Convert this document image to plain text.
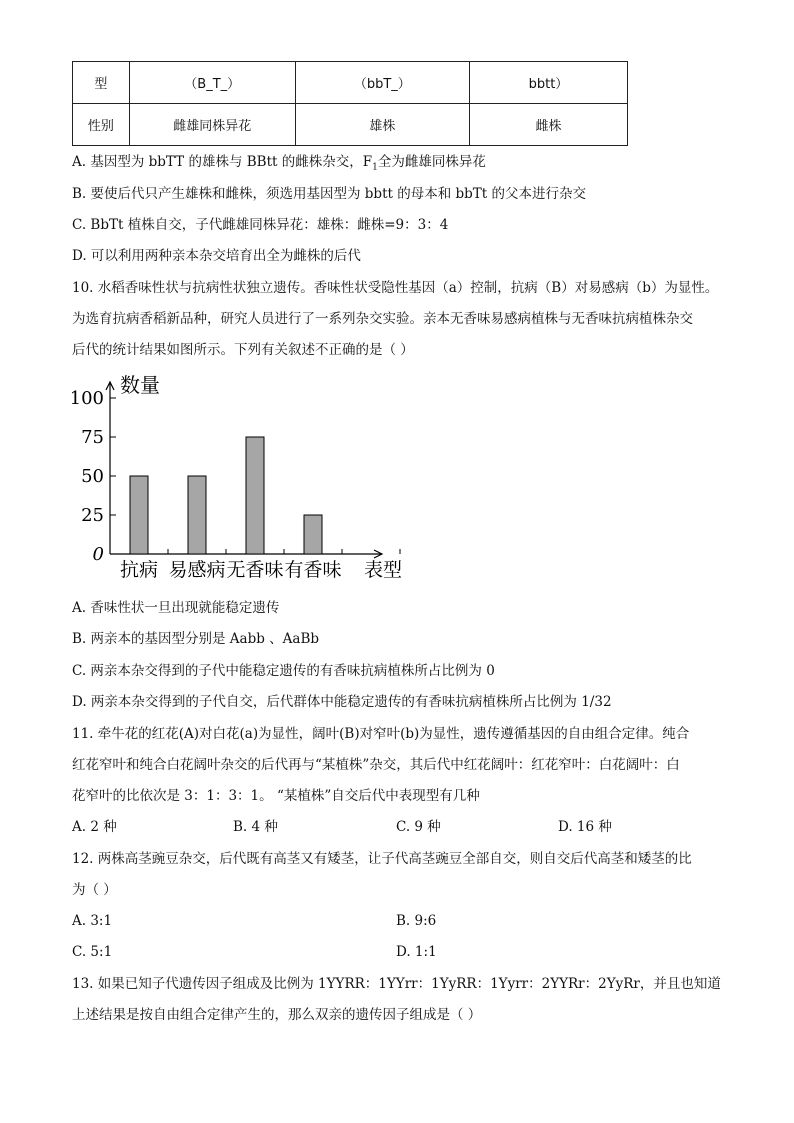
型	（B_T_）	（bbT_）	bbtt）
性别	雌雄同株异花	雄株	雌株
A. 基因型为 bbTT 的雄株与 BBtt 的雌株杂交，$F_1$全为雌雄同株异花
B. 要使后代只产生雄株和雌株，须选用基因型为 bbtt 的母本和 bbTt 的父本进行杂交
C. BbTt 植株自交，子代雌雄同株异花：雄株：雌株=9：3：4
D. 可以利用两种亲本杂交培育出全为雌株的后代
10. 水稻香味性状与抗病性状独立遗传。香味性状受隐性基因（a）控制，抗病（B）对易感病（b）为显性。
为选育抗病香稻新品种，研究人员进行了一系列杂交实验。亲本无香味易感病植株与无香味抗病植株杂交
后代的统计结果如图所示。下列有关叙述不正确的是（ ）
数量
0
25
50
75
100
抗病 易感病 无香味 有香味 表型
A. 香味性状一旦出现就能稳定遗传
B. 两亲本的基因型分别是 Aabb 、AaBb
C. 两亲本杂交得到的子代中能稳定遗传的有香味抗病植株所占比例为 0
D. 两亲本杂交得到的子代自交，后代群体中能稳定遗传的有香味抗病植株所占比例为 1/32
11. 牵牛花的红花(A)对白花(a)为显性，阔叶(B)对窄叶(b)为显性，遗传遵循基因的自由组合定律。纯合
红花窄叶和纯合白花阔叶杂交的后代再与“某植株”杂交，其后代中红花阔叶：红花窄叶：白花阔叶：白
花窄叶的比依次是 3：1：3：1。 “某植株”自交后代中表现型有几种
A. 2 种	B. 4 种	C. 9 种	D. 16 种
12. 两株高茎豌豆杂交，后代既有高茎又有矮茎，让子代高茎豌豆全部自交，则自交后代高茎和矮茎的比
为（ ）
A. 3:1	B. 9:6
C. 5:1	D. 1:1
13. 如果已知子代遗传因子组成及比例为 1YYRR：1YYrr：1YyRR：1Yyrr：2YYRr：2YyRr，并且也知道
上述结果是按自由组合定律产生的，那么双亲的遗传因子组成是（ ）
